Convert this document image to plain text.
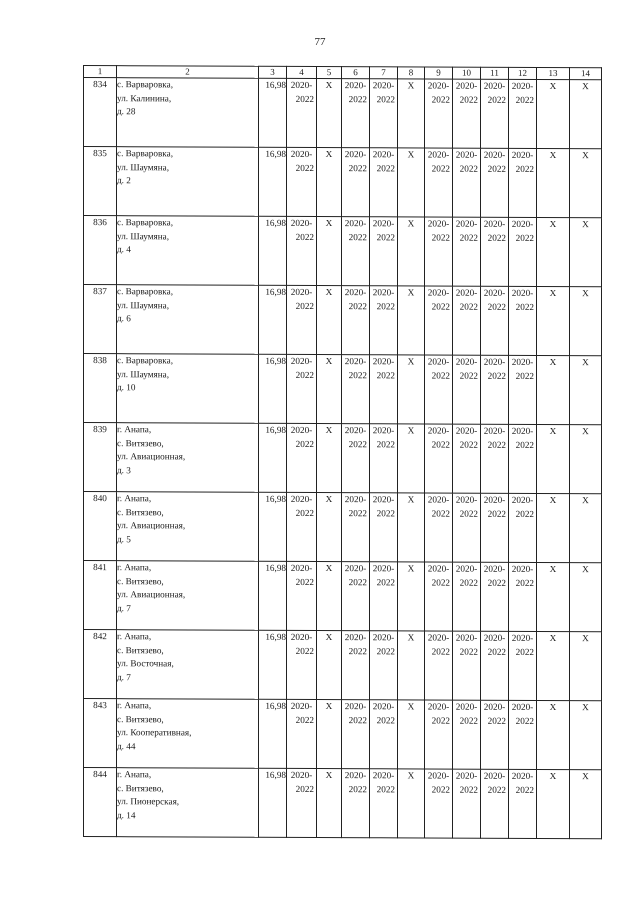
77
1	2	3	4	5	6	7	8	9	10	11	12	13	14
834	с. Варваровка,
ул. Калинина,
д. 28	16,98	2020-
2022	X	2020-
2022	2020-
2022	X	2020-
2022	2020-
2022	2020-
2022	2020-
2022	X	X
835	с. Варваровка,
ул. Шаумяна,
д. 2	16,98	2020-
2022	X	2020-
2022	2020-
2022	X	2020-
2022	2020-
2022	2020-
2022	2020-
2022	X	X
836	с. Варваровка,
ул. Шаумяна,
д. 4	16,98	2020-
2022	X	2020-
2022	2020-
2022	X	2020-
2022	2020-
2022	2020-
2022	2020-
2022	X	X
837	с. Варваровка,
ул. Шаумяна,
д. 6	16,98	2020-
2022	X	2020-
2022	2020-
2022	X	2020-
2022	2020-
2022	2020-
2022	2020-
2022	X	X
838	с. Варваровка,
ул. Шаумяна,
д. 10	16,98	2020-
2022	X	2020-
2022	2020-
2022	X	2020-
2022	2020-
2022	2020-
2022	2020-
2022	X	X
839	г. Анапа,
с. Витязево,
ул. Авиационная,
д. 3	16,98	2020-
2022	X	2020-
2022	2020-
2022	X	2020-
2022	2020-
2022	2020-
2022	2020-
2022	X	X
840	г. Анапа,
с. Витязево,
ул. Авиационная,
д. 5	16,98	2020-
2022	X	2020-
2022	2020-
2022	X	2020-
2022	2020-
2022	2020-
2022	2020-
2022	X	X
841	г. Анапа,
с. Витязево,
ул. Авиационная,
д. 7	16,98	2020-
2022	X	2020-
2022	2020-
2022	X	2020-
2022	2020-
2022	2020-
2022	2020-
2022	X	X
842	г. Анапа,
с. Витязево,
ул. Восточная,
д. 7	16,98	2020-
2022	X	2020-
2022	2020-
2022	X	2020-
2022	2020-
2022	2020-
2022	2020-
2022	X	X
843	г. Анапа,
с. Витязево,
ул. Кооперативная,
д. 44	16,98	2020-
2022	X	2020-
2022	2020-
2022	X	2020-
2022	2020-
2022	2020-
2022	2020-
2022	X	X
844	г. Анапа,
с. Витязево,
ул. Пионерская,
д. 14	16,98	2020-
2022	X	2020-
2022	2020-
2022	X	2020-
2022	2020-
2022	2020-
2022	2020-
2022	X	X
